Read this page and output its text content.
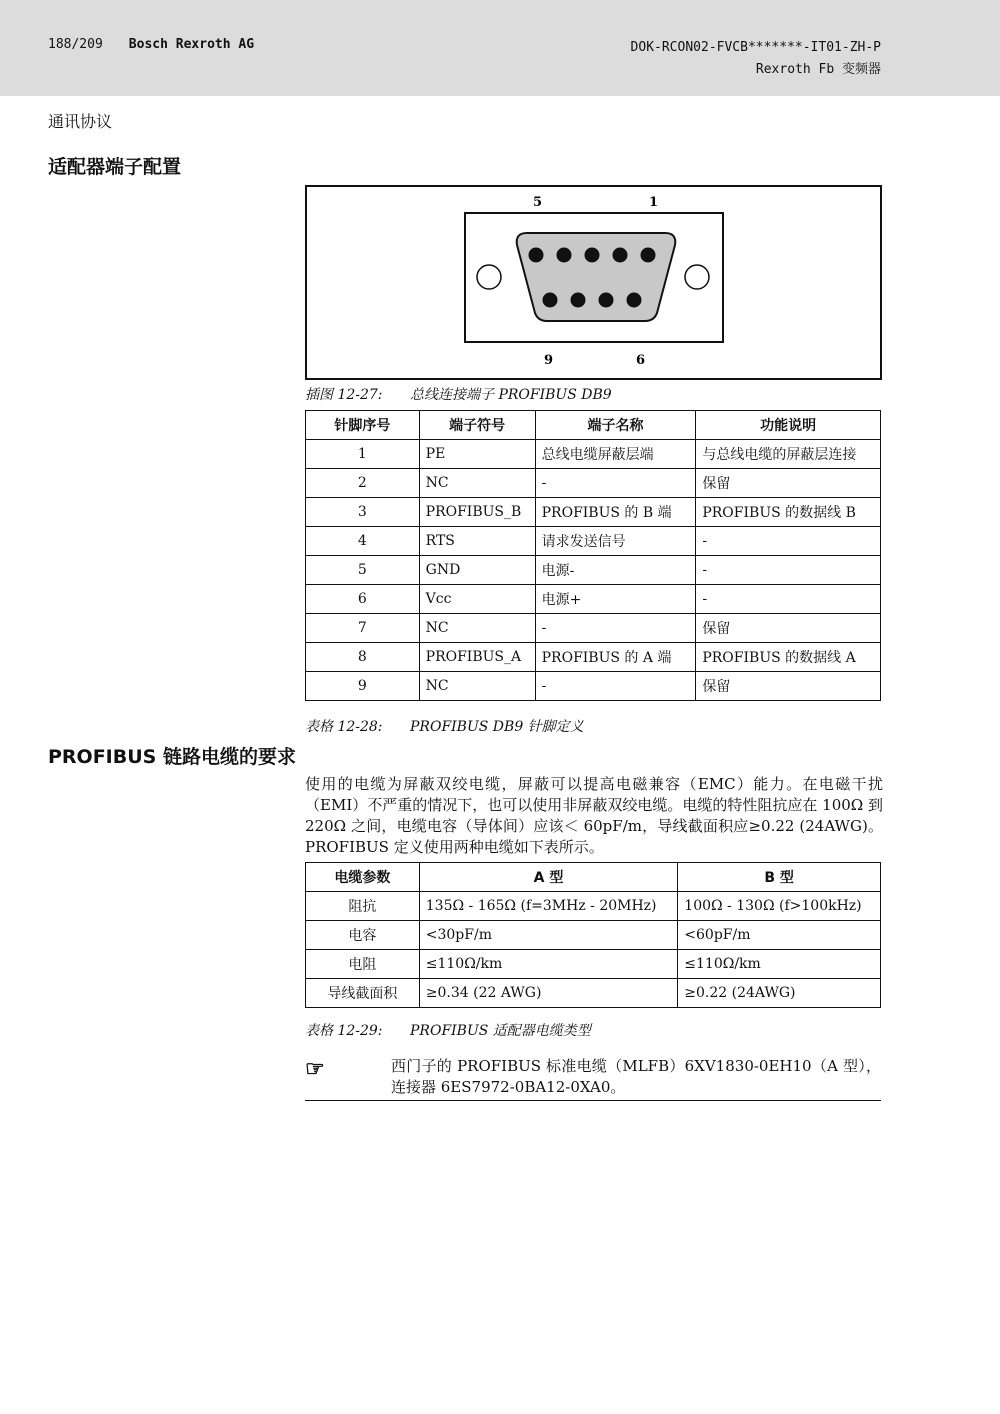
188/209 Bosch Rexroth AG	DOK-RCON02-FVCB*******-IT01-ZH-P
Rexroth Fb 变频器
通讯协议
适配器端子配置
5	1
9	6
插图 12-27: 总线连接端子 PROFIBUS DB9
针脚序号	端子符号	端子名称	功能说明
1	PE	总线电缆屏蔽层端	与总线电缆的屏蔽层连接
2	NC	-	保留
3	PROFIBUS_B	PROFIBUS 的 B 端	PROFIBUS 的数据线 B
4	RTS	请求发送信号	-
5	GND	电源-	-
6	Vcc	电源+	-
7	NC	-	保留
8	PROFIBUS_A	PROFIBUS 的 A 端	PROFIBUS 的数据线 A
9	NC	-	保留
表格 12-28: PROFIBUS DB9 针脚定义
PROFIBUS 链路电缆的要求
使用的电缆为屏蔽双绞电缆，屏蔽可以提高电磁兼容（EMC）能力。在电磁干扰（EMI）不严重的情况下，也可以使用非屏蔽双绞电缆。电缆的特性阻抗应在 100Ω 到 220Ω 之间，电缆电容（导体间）应该＜ 60pF/m，导线截面积应≥0.22 (24AWG)。PROFIBUS 定义使用两种电缆如下表所示。
电缆参数	A 型	B 型
阻抗	135Ω - 165Ω (f=3MHz - 20MHz)	100Ω - 130Ω (f>100kHz)
电容	<30pF/m	<60pF/m
电阻	≤110Ω/km	≤110Ω/km
导线截面积	≥0.34 (22 AWG)	≥0.22 (24AWG)
表格 12-29: PROFIBUS 适配器电缆类型
☞	西门子的 PROFIBUS 标准电缆（MLFB）6XV1830-0EH10（A 型），连接器 6ES7972-0BA12-0XA0。
